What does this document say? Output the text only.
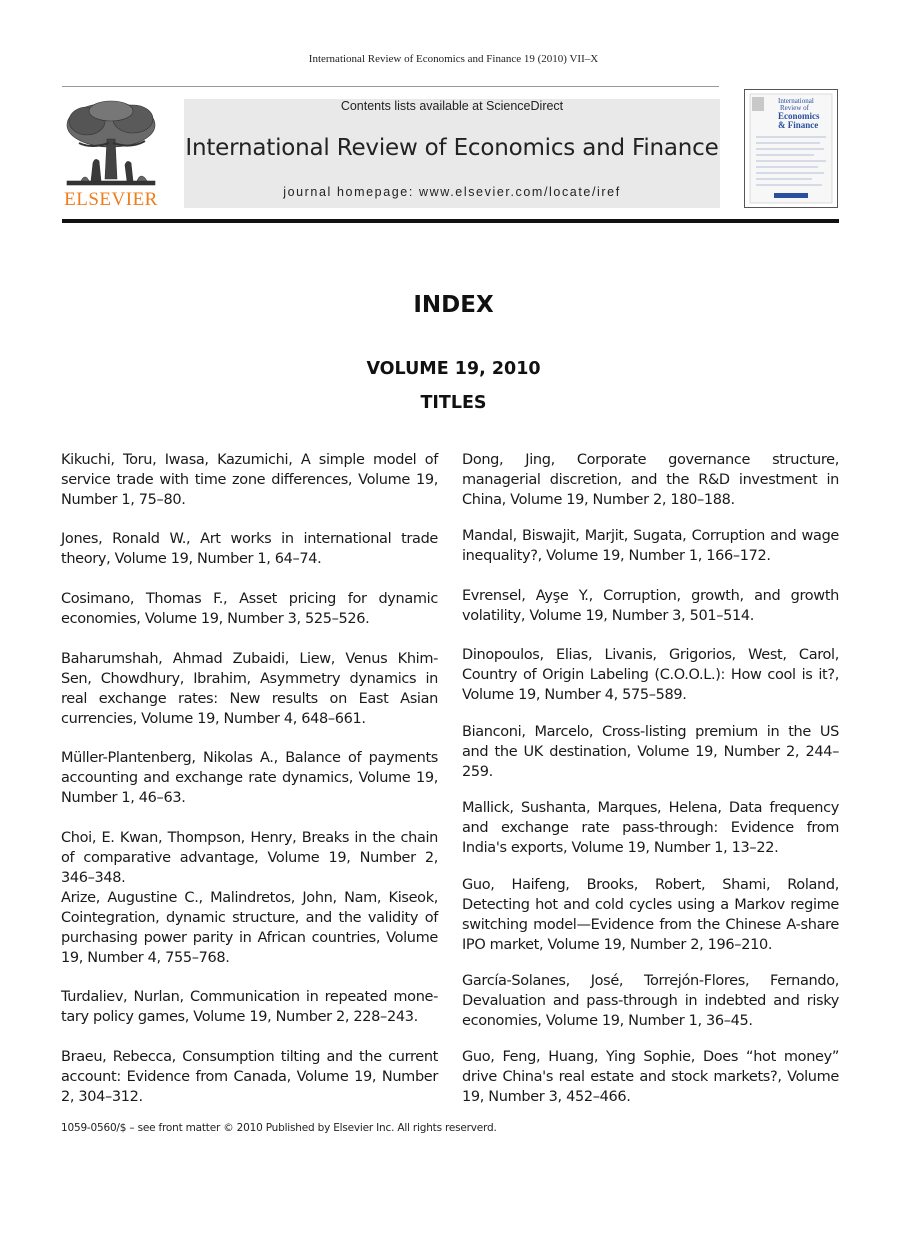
International Review of Economics and Finance 19 (2010) VII–X
ELSEVIER
Contents lists available at ScienceDirect
International Review of Economics and Finance
journal homepage: www.elsevier.com/locate/iref
International
Review of
Economics
& Finance
INDEX
VOLUME 19, 2010
TITLES

Kikuchi, Toru, Iwasa, Kazumichi, A simple model of service trade with time zone differences, Volume 19, Number 1, 75–80.

Jones, Ronald W., Art works in international trade theory, Volume 19, Number 1, 64–74.

Cosimano, Thomas F., Asset pricing for dynamic economies, Volume 19, Number 3, 525–526.

Baharumshah, Ahmad Zubaidi, Liew, Venus Khim-Sen, Chowdhury, Ibrahim, Asymmetry dynamics in real exchange rates: New results on East Asian currencies, Volume 19, Number 4, 648–661.

Müller-Plantenberg, Nikolas A., Balance of payments accounting and exchange rate dynamics, Volume 19, Number 1, 46–63.

Choi, E. Kwan, Thompson, Henry, Breaks in the chain of comparative advantage, Volume 19, Number 2, 346–348.

Arize, Augustine C., Malindretos, John, Nam, Kiseok, Cointegration, dynamic structure, and the validity of purchasing power parity in African countries, Volume 19, Number 4, 755–768.

Turdaliev, Nurlan, Communication in repeated mone-tary policy games, Volume 19, Number 2, 228–243.

Braeu, Rebecca, Consumption tilting and the current account: Evidence from Canada, Volume 19, Number 2, 304–312.

Dong, Jing, Corporate governance structure, managerial discretion, and the R&D investment in China, Volume 19, Number 2, 180–188.

Mandal, Biswajit, Marjit, Sugata, Corruption and wage inequality?, Volume 19, Number 1, 166–172.

Evrensel, Ayşe Y., Corruption, growth, and growth volatility, Volume 19, Number 3, 501–514.

Dinopoulos, Elias, Livanis, Grigorios, West, Carol, Country of Origin Labeling (C.O.O.L.): How cool is it?, Volume 19, Number 4, 575–589.

Bianconi, Marcelo, Cross-listing premium in the US and the UK destination, Volume 19, Number 2, 244–259.

Mallick, Sushanta, Marques, Helena, Data frequency and exchange rate pass-through: Evidence from India's exports, Volume 19, Number 1, 13–22.

Guo, Haifeng, Brooks, Robert, Shami, Roland, Detecting hot and cold cycles using a Markov regime switching model—Evidence from the Chinese A-share IPO market, Volume 19, Number 2, 196–210.

García-Solanes, José, Torrejón-Flores, Fernando, Devaluation and pass-through in indebted and risky economies, Volume 19, Number 1, 36–45.

Guo, Feng, Huang, Ying Sophie, Does “hot money” drive China's real estate and stock markets?, Volume 19, Number 3, 452–466.

1059-0560/$ – see front matter © 2010 Published by Elsevier Inc. All rights reserverd.
